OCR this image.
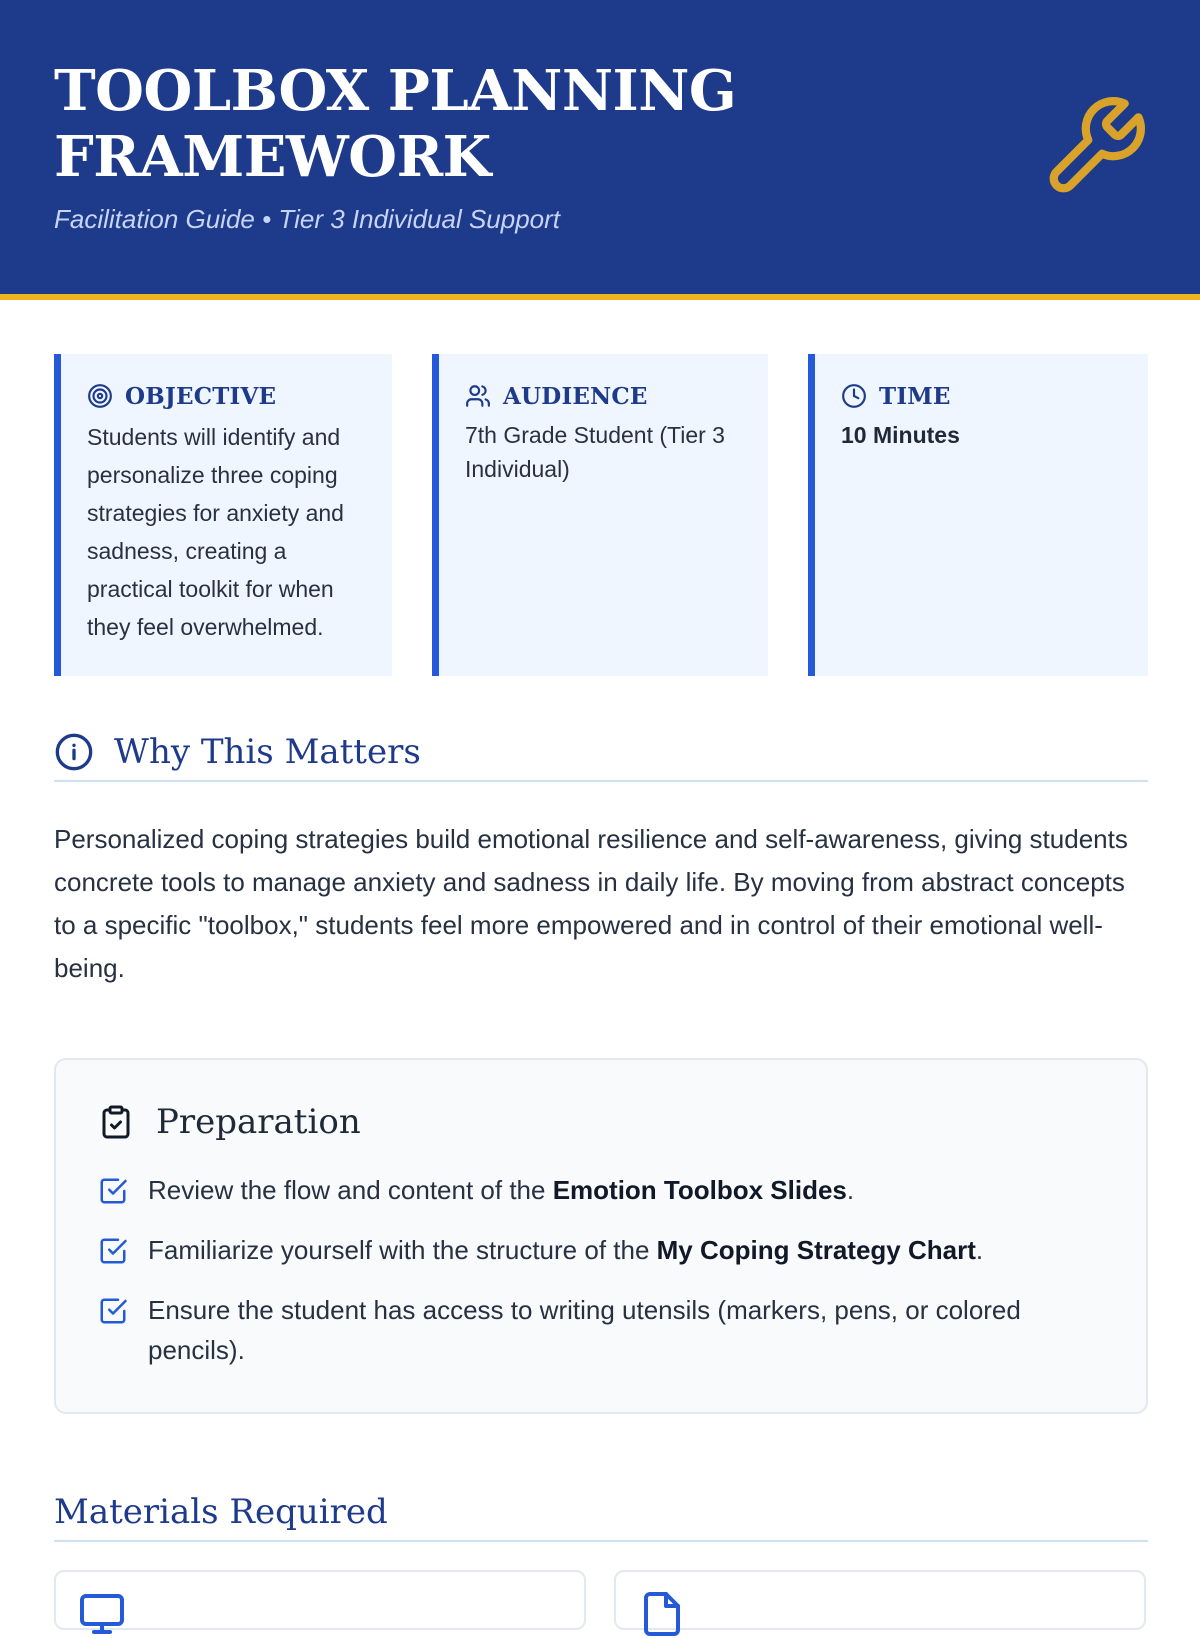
TOOLBOX PLANNING
FRAMEWORK
Facilitation Guide • Tier 3 Individual Support
OBJECTIVE
Students will identify and personalize three coping strategies for anxiety and sadness, creating a practical toolkit for when they feel overwhelmed.
AUDIENCE
7th Grade Student (Tier 3 Individual)
TIME
10 Minutes
Why This Matters
Personalized coping strategies build emotional resilience and self-awareness, giving students concrete tools to manage anxiety and sadness in daily life. By moving from abstract concepts to a specific "toolbox," students feel more empowered and in control of their emotional well-being.
Preparation
Review the flow and content of the Emotion Toolbox Slides.
Familiarize yourself with the structure of the My Coping Strategy Chart.
Ensure the student has access to writing utensils (markers, pens, or colored pencils).
Materials Required
